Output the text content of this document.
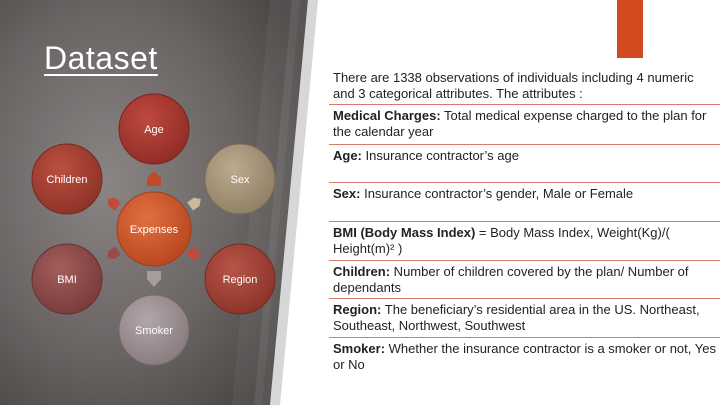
Age
Sex
Region
Smoker
BMI
Children
Expenses
Dataset
There are 1338 observations of individuals including 4 numeric and 3 categorical attributes. The attributes :
Medical Charges: Total medical expense charged to the plan for the calendar year
Age: Insurance contractor’s age
Sex: Insurance contractor’s gender, Male or Female
BMI (Body Mass Index) = Body Mass Index, Weight(Kg)/( Height(m)² )
Children: Number of children covered by the plan/ Number of dependants
Region: The beneficiary’s residential area in the US. Northeast, Southeast, Northwest, Southwest
Smoker: Whether the insurance contractor is a smoker or not, Yes or No
